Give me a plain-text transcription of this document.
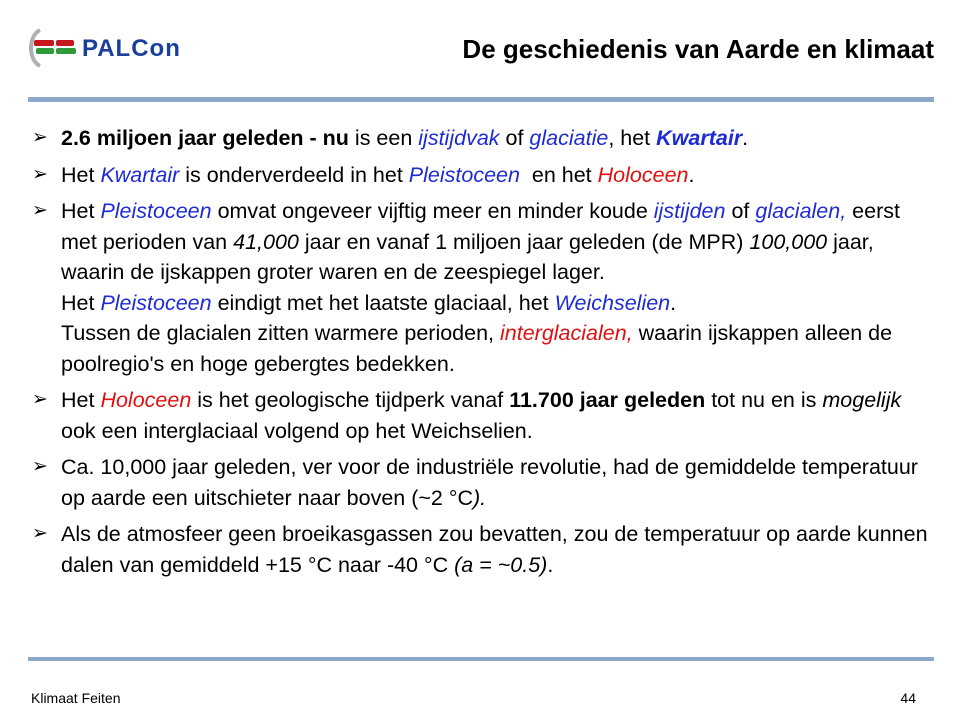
PALCon	De geschiedenis van Aarde en klimaat
➢ 2.6 miljoen jaar geleden - nu is een ijstijdvak of glaciatie, het Kwartair.
➢ Het Kwartair is onderverdeeld in het Pleistoceen  en het Holoceen.
➢ Het Pleistoceen omvat ongeveer vijftig meer en minder koude ijstijden of glacialen, eerst met perioden van 41,000 jaar en vanaf 1 miljoen jaar geleden (de MPR) 100,000 jaar, waarin de ijskappen groter waren en de zeespiegel lager.
Het Pleistoceen eindigt met het laatste glaciaal, het Weichselien.
Tussen de glacialen zitten warmere perioden, interglacialen, waarin ijskappen alleen de poolregio's en hoge gebergtes bedekken.
➢ Het Holoceen is het geologische tijdperk vanaf 11.700 jaar geleden tot nu en is mogelijk ook een interglaciaal volgend op het Weichselien.
➢ Ca. 10,000 jaar geleden, ver voor de industriële revolutie, had de gemiddelde temperatuur op aarde een uitschieter naar boven (~2 °C).
➢ Als de atmosfeer geen broeikasgassen zou bevatten, zou de temperatuur op aarde kunnen dalen van gemiddeld +15 °C naar -40 °C (a = ~0.5).
Klimaat Feiten	44
